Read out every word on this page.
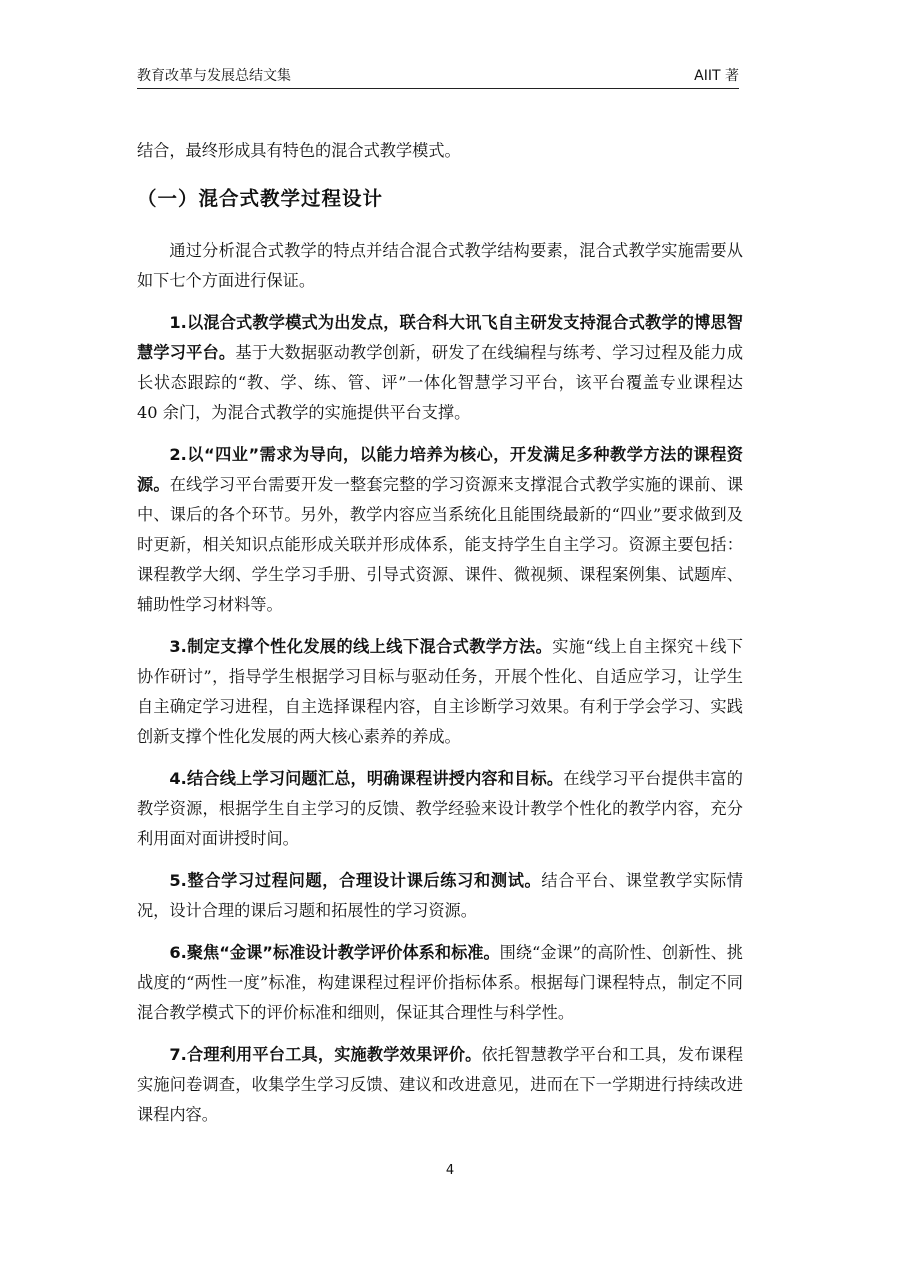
教育改革与发展总结文集	AIIT 著

结合，最终形成具有特色的混合式教学模式。

（一）混合式教学过程设计

通过分析混合式教学的特点并结合混合式教学结构要素，混合式教学实施需要从如下七个方面进行保证。

1.以混合式教学模式为出发点，联合科大讯飞自主研发支持混合式教学的博思智慧学习平台。基于大数据驱动教学创新，研发了在线编程与练考、学习过程及能力成长状态跟踪的“教、学、练、管、评”一体化智慧学习平台，该平台覆盖专业课程达 40 余门，为混合式教学的实施提供平台支撑。

2.以“四业”需求为导向，以能力培养为核心，开发满足多种教学方法的课程资源。在线学习平台需要开发一整套完整的学习资源来支撑混合式教学实施的课前、课中、课后的各个环节。另外，教学内容应当系统化且能围绕最新的“四业”要求做到及时更新，相关知识点能形成关联并形成体系，能支持学生自主学习。资源主要包括：课程教学大纲、学生学习手册、引导式资源、课件、微视频、课程案例集、试题库、辅助性学习材料等。

3.制定支撑个性化发展的线上线下混合式教学方法。实施“线上自主探究＋线下协作研讨”，指导学生根据学习目标与驱动任务，开展个性化、自适应学习，让学生自主确定学习进程，自主选择课程内容，自主诊断学习效果。有利于学会学习、实践创新支撑个性化发展的两大核心素养的养成。

4.结合线上学习问题汇总，明确课程讲授内容和目标。在线学习平台提供丰富的教学资源，根据学生自主学习的反馈、教学经验来设计教学个性化的教学内容，充分利用面对面讲授时间。

5.整合学习过程问题，合理设计课后练习和测试。结合平台、课堂教学实际情况，设计合理的课后习题和拓展性的学习资源。

6.聚焦“金课”标准设计教学评价体系和标准。围绕“金课”的高阶性、创新性、挑战度的“两性一度”标准，构建课程过程评价指标体系。根据每门课程特点，制定不同混合教学模式下的评价标准和细则，保证其合理性与科学性。

7.合理利用平台工具，实施教学效果评价。依托智慧教学平台和工具，发布课程实施问卷调查，收集学生学习反馈、建议和改进意见，进而在下一学期进行持续改进课程内容。

4
